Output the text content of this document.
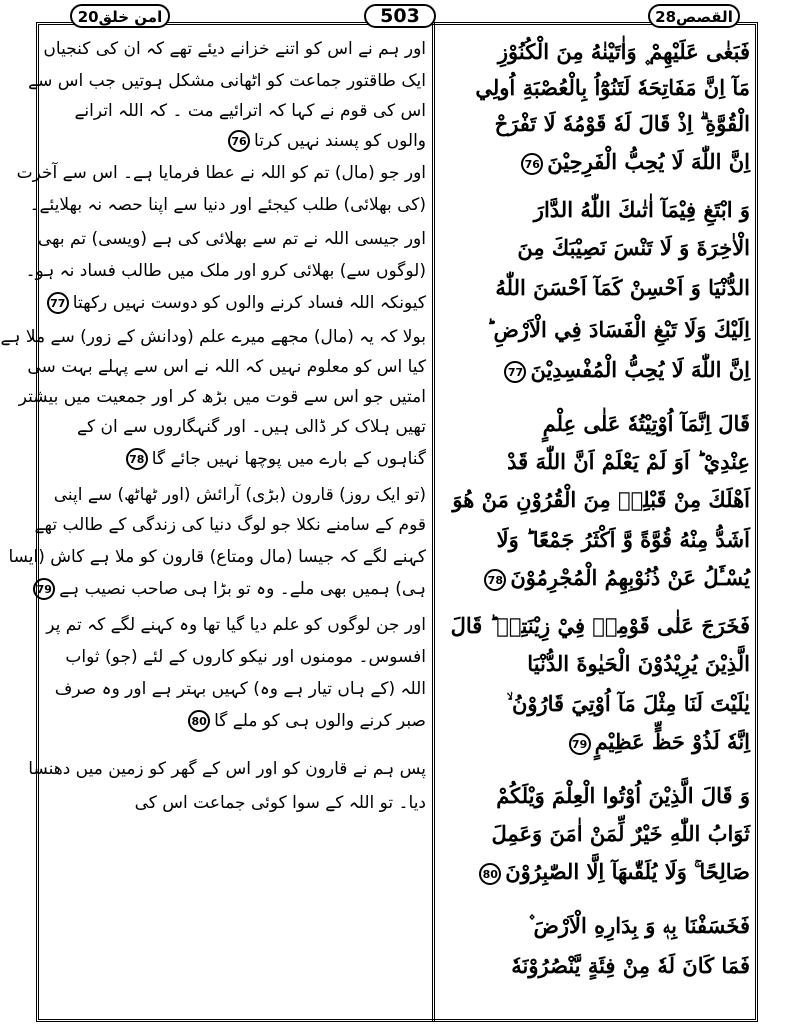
امن خلق20	503	القصص28
فَبَغٰى عَلَيْهِمْ ۪ وَاٰتَيْنٰهُ مِنَ الْكُنُوْزِ
مَآ اِنَّ مَفَاتِحَهٗ لَتَنُوْٓاُ بِالْعُصْبَةِ اُولِي
الْقُوَّةِ ۗ اِذْ قَالَ لَهٗ قَوْمُهٗ لَا تَفْرَحْ
اِنَّ اللّٰهَ لَا يُحِبُّ الْفَرِحِيْنَ76
وَ ابْتَغِ فِيْمَآ اٰتٰىكَ اللّٰهُ الدَّارَ
الْاٰخِرَةَ وَ لَا تَنْسَ نَصِيْبَكَ مِنَ
الدُّنْيَا وَ اَحْسِنْ كَمَآ اَحْسَنَ اللّٰهُ
اِلَيْكَ وَلَا تَبْغِ الْفَسَادَ فِي الْاَرْضِ ؕ
اِنَّ اللّٰهَ لَا يُحِبُّ الْمُفْسِدِيْنَ77
قَالَ اِنَّمَآ اُوْتِيْتُهٗ عَلٰى عِلْمٍ
عِنْدِيْ ؕ اَوَ لَمْ يَعْلَمْ اَنَّ اللّٰهَ قَدْ
اَهْلَكَ مِنْ قَبْلِهٖ مِنَ الْقُرُوْنِ مَنْ هُوَ
اَشَدُّ مِنْهُ قُوَّةً وَّ اَكْثَرُ جَمْعًا ؕ وَلَا
يُسْـَٔلُ عَنْ ذُنُوْبِهِمُ الْمُجْرِمُوْنَ78
فَخَرَجَ عَلٰى قَوْمِهٖ فِيْ زِيْنَتِهٖ ؕ قَالَ
الَّذِيْنَ يُرِيْدُوْنَ الْحَيٰوةَ الدُّنْيَا
يٰلَيْتَ لَنَا مِثْلَ مَآ اُوْتِيَ قَارُوْنُ ۙ
اِنَّهٗ لَذُوْ حَظٍّ عَظِيْمٍ79
وَ قَالَ الَّذِيْنَ اُوْتُوا الْعِلْمَ وَيْلَكُمْ
ثَوَابُ اللّٰهِ خَيْرٌ لِّمَنْ اٰمَنَ وَعَمِلَ
صَالِحًا ۚ وَلَا يُلَقّٰىهَآ اِلَّا الصّٰبِرُوْنَ80
فَخَسَفْنَا بِهٖ وَ بِدَارِهِ الْاَرْضَ ۫
فَمَا كَانَ لَهٗ مِنْ فِئَةٍ يَّنْصُرُوْنَهٗ
اور ہم نے اس کو اتنے خزانے دیئے تھے کہ ان کی کنجیاں
ایک طاقتور جماعت کو اٹھانی مشکل ہوتیں جب اس سے
اس کی قوم نے کہا کہ اترائیے مت ۔ کہ اللہ اترانے
والوں کو پسند نہیں کرتا76
اور جو (مال) تم کو اللہ نے عطا فرمایا ہے۔ اس سے آخرت
(کی بھلائی) طلب کیجئے اور دنیا سے اپنا حصہ نہ بھلایئے۔
اور جیسی اللہ نے تم سے بھلائی کی ہے (ویسی) تم بھی
(لوگوں سے) بھلائی کرو اور ملک میں طالب فساد نہ ہو۔
کیونکہ اللہ فساد کرنے والوں کو دوست نہیں رکھتا77
بولا کہ یہ (مال) مجھے میرے علم (ودانش کے زور) سے ملا ہے
کیا اس کو معلوم نہیں کہ اللہ نے اس سے پہلے بہت سی
امتیں جو اس سے قوت میں بڑھ کر اور جمعیت میں بیشتر
تھیں ہلاک کر ڈالی ہیں۔ اور گنہگاروں سے ان کے
گناہوں کے بارے میں پوچھا نہیں جائے گا78
(تو ایک روز) قارون (بڑی) آرائش (اور ٹھاٹھ) سے اپنی
قوم کے سامنے نکلا جو لوگ دنیا کی زندگی کے طالب تھے
کہنے لگے کہ جیسا (مال ومتاع) قارون کو ملا ہے کاش (ایسا
ہی) ہمیں بھی ملے۔ وہ تو بڑا ہی صاحب نصیب ہے79
اور جن لوگوں کو علم دیا گیا تھا وہ کہنے لگے کہ تم پر
افسوس۔ مومنوں اور نیکو کاروں کے لئے (جو) ثواب
اللہ (کے ہاں تیار ہے وہ) کہیں بہتر ہے اور وہ صرف
صبر کرنے والوں ہی کو ملے گا80
پس ہم نے قارون کو اور اس کے گھر کو زمین میں دھنسا
دیا۔ تو اللہ کے سوا کوئی جماعت اس کی
